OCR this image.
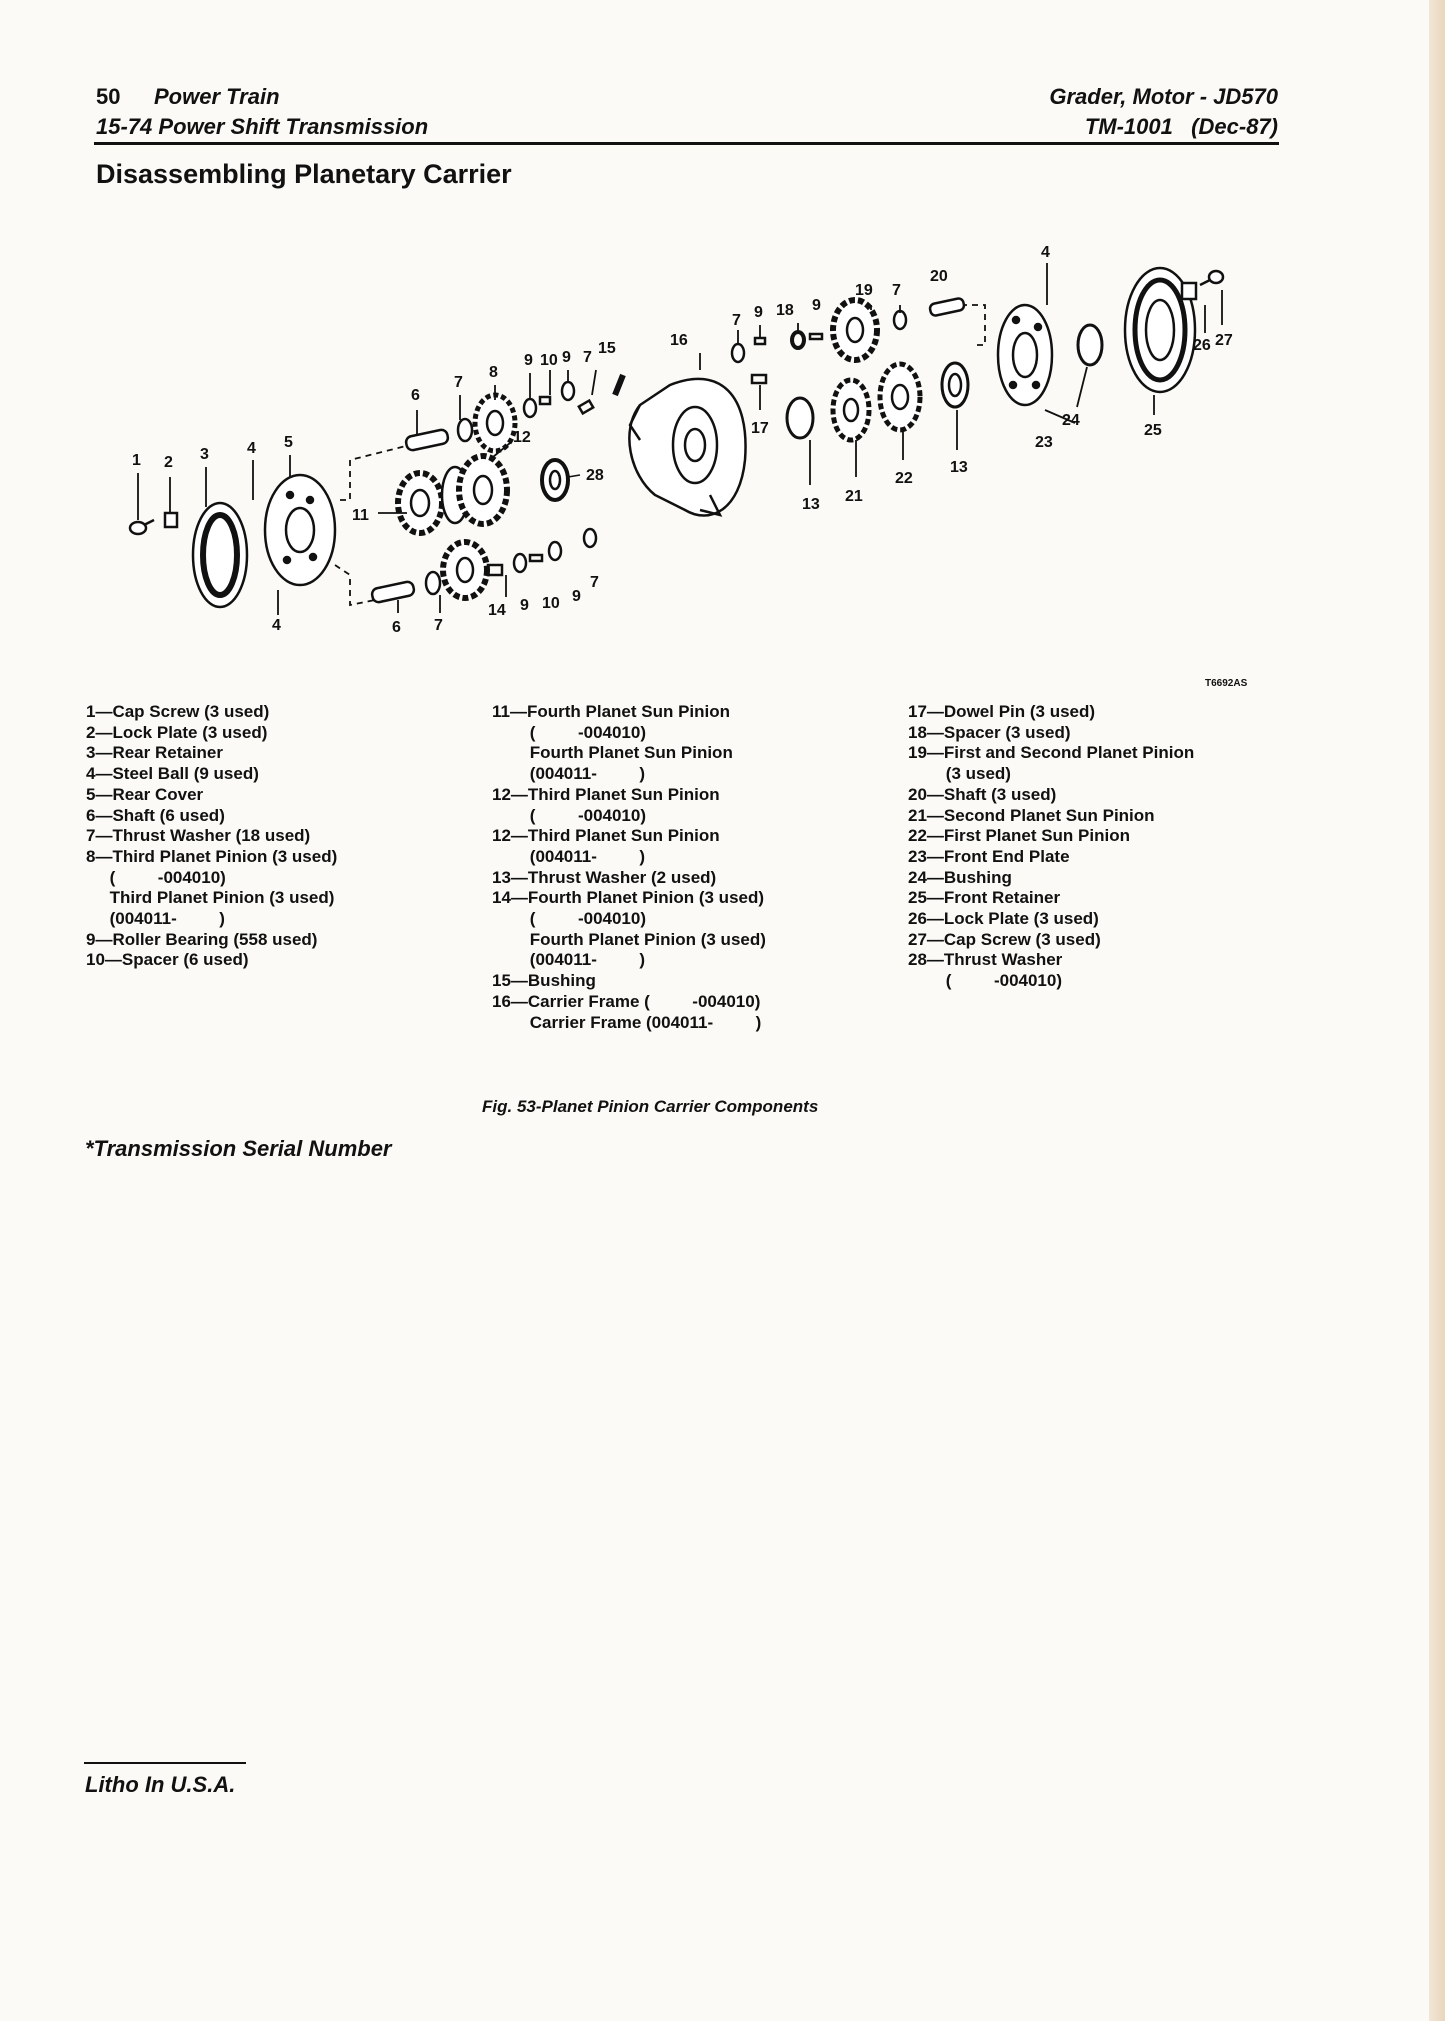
50 Power Train
15-74 Power Shift Transmission
Grader, Motor - JD570
TM-1001   (Dec-87)
Disassembling Planetary Carrier
1 2 3 4 5
4
6
7
8
9 10 9 7
15	16
7 9 18 9
19 7
20
4
26 27
11
12
28
17
13 21
22
13
24
23
25
6 7
14 9 10 9
7
T6692AS
1—Cap Screw (3 used)
2—Lock Plate (3 used)
3—Rear Retainer
4—Steel Ball (9 used)
5—Rear Cover
6—Shaft (6 used)
7—Thrust Washer (18 used)
8—Third Planet Pinion (3 used)
(         -004010)
Third Planet Pinion (3 used)
(004011-         )
9—Roller Bearing (558 used)
10—Spacer (6 used)
11—Fourth Planet Sun Pinion
(         -004010)
Fourth Planet Sun Pinion
(004011-         )
12—Third Planet Sun Pinion
(         -004010)
12—Third Planet Sun Pinion
(004011-         )
13—Thrust Washer (2 used)
14—Fourth Planet Pinion (3 used)
(         -004010)
Fourth Planet Pinion (3 used)
(004011-         )
15—Bushing
16—Carrier Frame (         -004010)
Carrier Frame (004011-         )
17—Dowel Pin (3 used)
18—Spacer (3 used)
19—First and Second Planet Pinion
(3 used)
20—Shaft (3 used)
21—Second Planet Sun Pinion
22—First Planet Sun Pinion
23—Front End Plate
24—Bushing
25—Front Retainer
26—Lock Plate (3 used)
27—Cap Screw (3 used)
28—Thrust Washer
(         -004010)
Fig. 53-Planet Pinion Carrier Components
*Transmission Serial Number
Litho In U.S.A.
